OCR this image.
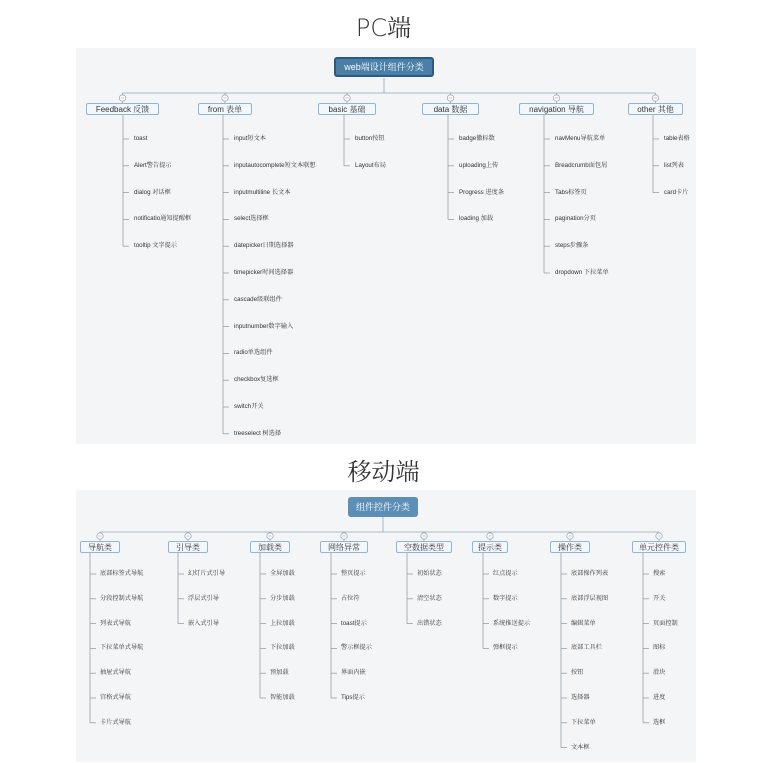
PC端
移动端
web端设计组件分类
组件控件分类
Feedback 反馈
toast
Alert警告提示
dialog 对话框
notificatio通知提醒框
tooltip 文字提示
from 表单
input短文本
inputautocomplete短文本联想
inputmultiline 长文本
select选择框
datepicker日期选择器
timepicker时间选择器
cascade级联组件
inputnumber数字输入
radio单选组件
checkbox复选框
switch开关
treeselect 树选择
basic 基础
button按钮
Layout布局
data 数据
badge徽标数
uploading上传
Progress 进度条
loading 加载
navigation 导航
navMenu导航菜单
Breadcrumb面包屑
Tabs标签页
pagination分页
steps步骤条
dropdown 下拉菜单
other 其他
table表格
list列表
card卡片
导航类
底部标签式导航
分段控制式导航
列表式导航
下拉菜单式导航
抽屉式导航
宫格式导航
卡片式导航
引导类
幻灯片式引导
浮层式引导
嵌入式引导
加载类
全屏加载
分步加载
上拉加载
下拉加载
预加载
智能加载
网络异常
整页提示
占位符
toast提示
警示框提示
界面内嵌
Tips提示
空数据类型
初始状态
清空状态
出错状态
提示类
红点提示
数字提示
系统推送提示
弹框提示
操作类
底部操作列表
底部浮层视图
编辑菜单
底部工具栏
按钮
选择器
下拉菜单
文本框
单元控件类
搜索
开关
页面控制
图标
滑块
进度
选框
